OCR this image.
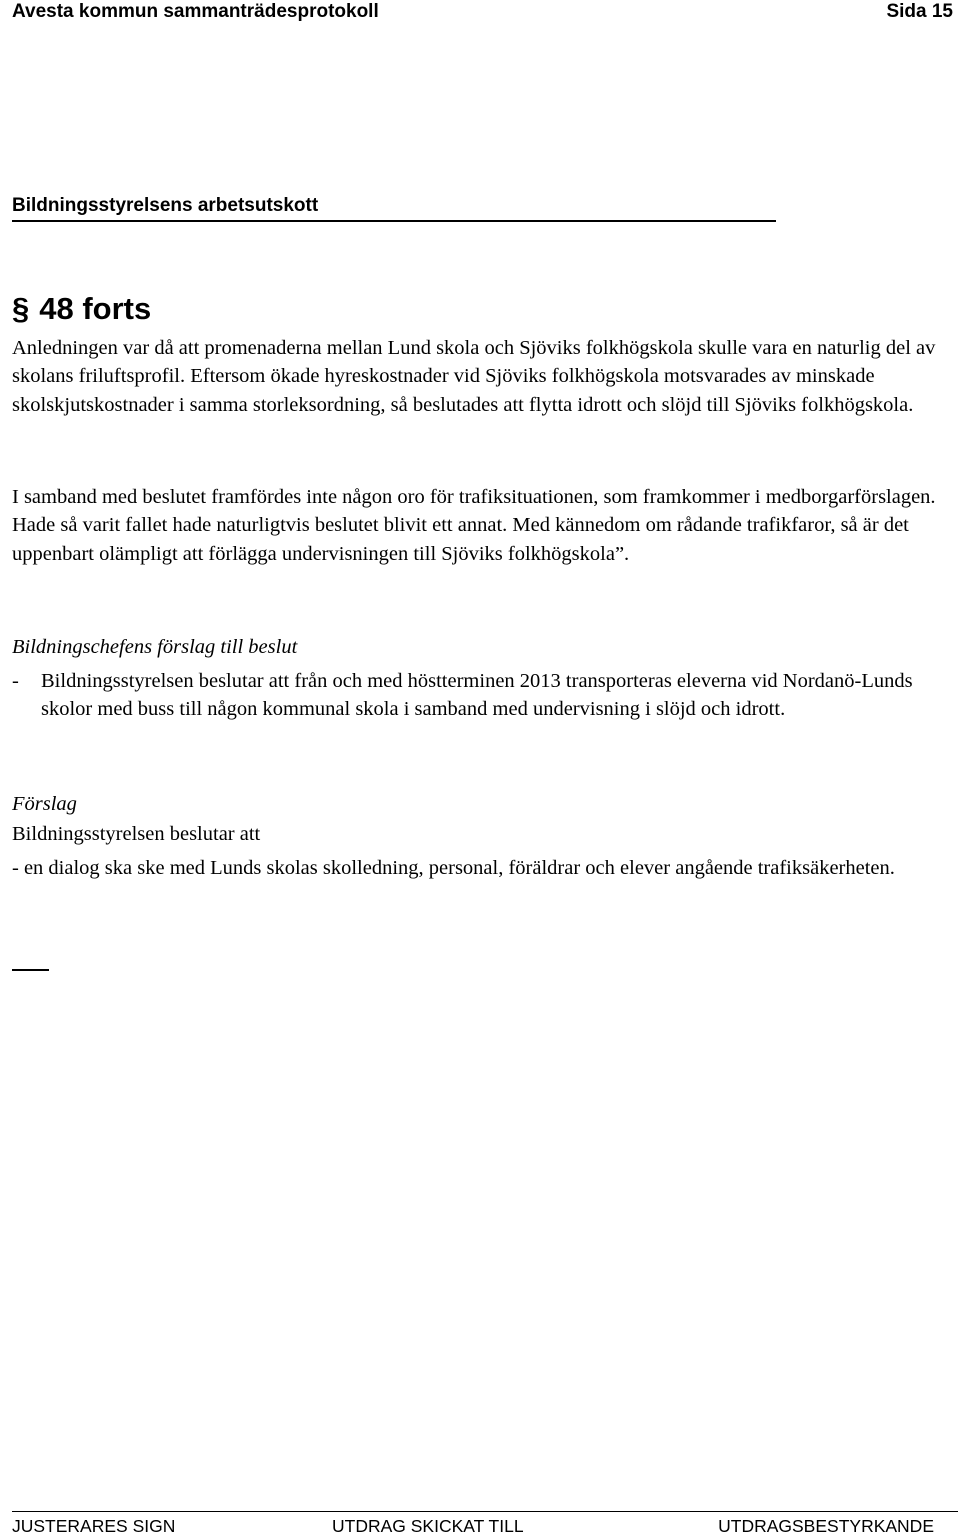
Avesta kommun sammanträdesprotokoll	Sida 15
Bildningsstyrelsens arbetsutskott
§ 48 forts
Anledningen var då att promenaderna mellan Lund skola och Sjöviks folkhögskola skulle vara en naturlig del av skolans friluftsprofil. Eftersom ökade hyreskostnader vid Sjöviks folkhögskola motsvarades av minskade skolskjutskostnader i samma storleksordning, så beslutades att flytta idrott och slöjd till Sjöviks folkhögskola.
I samband med beslutet framfördes inte någon oro för trafiksituationen, som framkommer i medborgarförslagen. Hade så varit fallet hade naturligtvis beslutet blivit ett annat. Med kännedom om rådande trafikfaror, så är det uppenbart olämpligt att förlägga undervisningen till Sjöviks folkhögskola”.
Bildningschefens förslag till beslut
-	Bildningsstyrelsen beslutar att från och med höstterminen 2013 transporteras eleverna vid Nordanö-Lunds skolor med buss till någon kommunal skola i samband med undervisning i slöjd och idrott.
Förslag
Bildningsstyrelsen beslutar att
- en dialog ska ske med Lunds skolas skolledning, personal, föräldrar och elever angående trafiksäkerheten.
JUSTERARES SIGN	UTDRAG SKICKAT TILL	UTDRAGSBESTYRKANDE
